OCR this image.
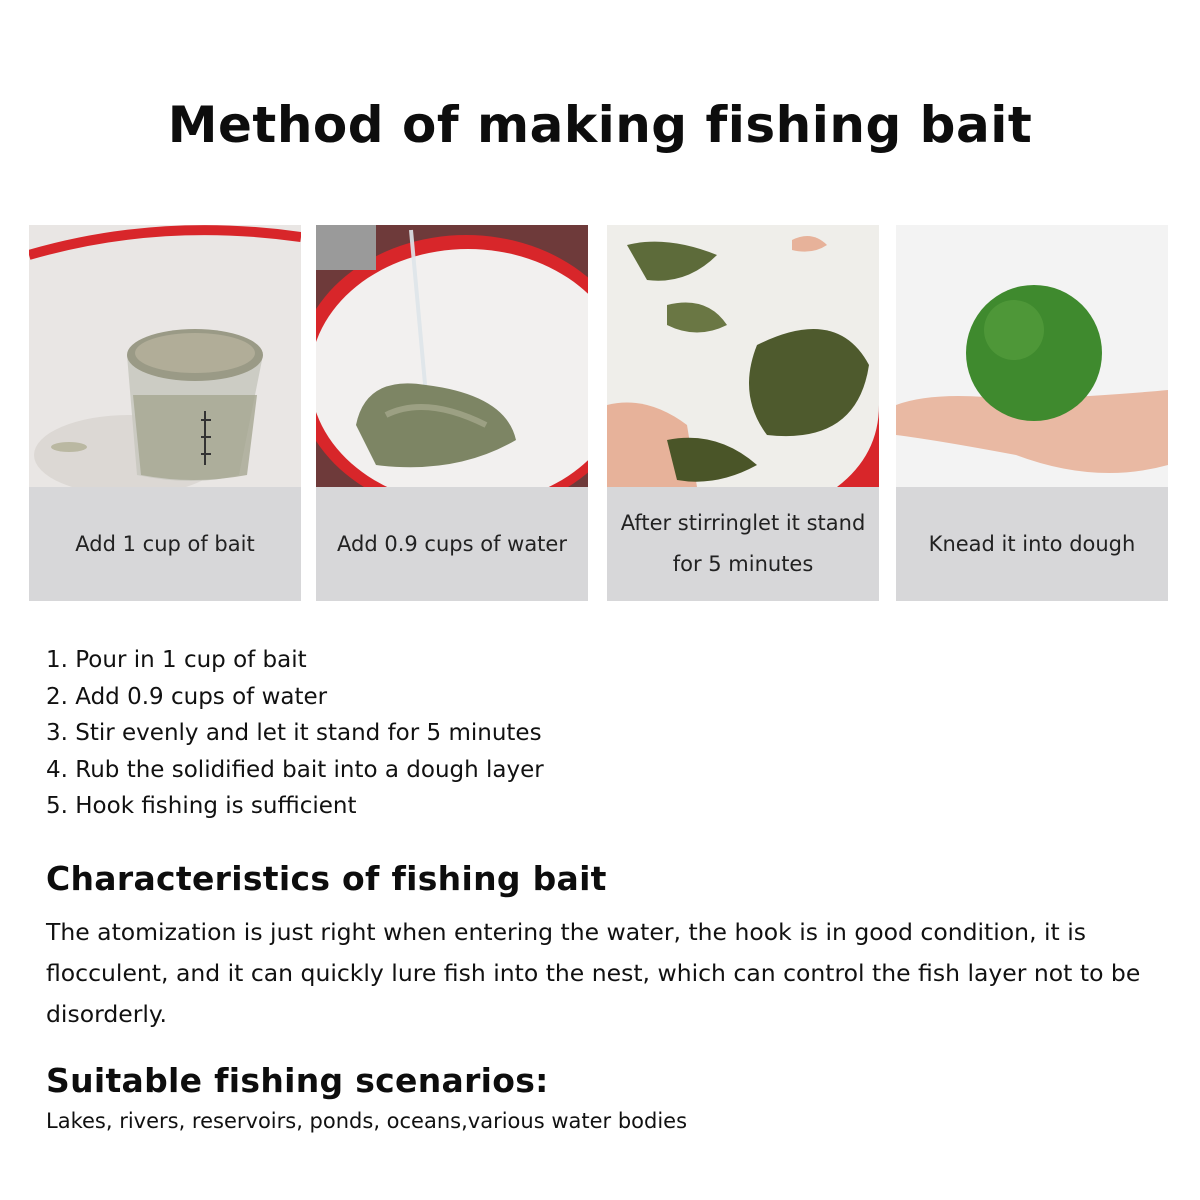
Method of making fishing bait
Add 1 cup of bait	Add 0.9 cups of water
After stirringlet it stand for 5 minutes
Knead it into dough
1. Pour in 1 cup of bait
2. Add 0.9 cups of water
3. Stir evenly and let it stand for 5 minutes
4. Rub the solidified bait into a dough layer
5. Hook fishing is sufficient
Characteristics of fishing bait

The atomization is just right when entering the water, the hook is in good condition, it is flocculent, and it can quickly lure fish into the nest, which can control the fish layer not to be disorderly.

Suitable fishing scenarios:
Lakes, rivers, reservoirs, ponds, oceans,various water bodies
